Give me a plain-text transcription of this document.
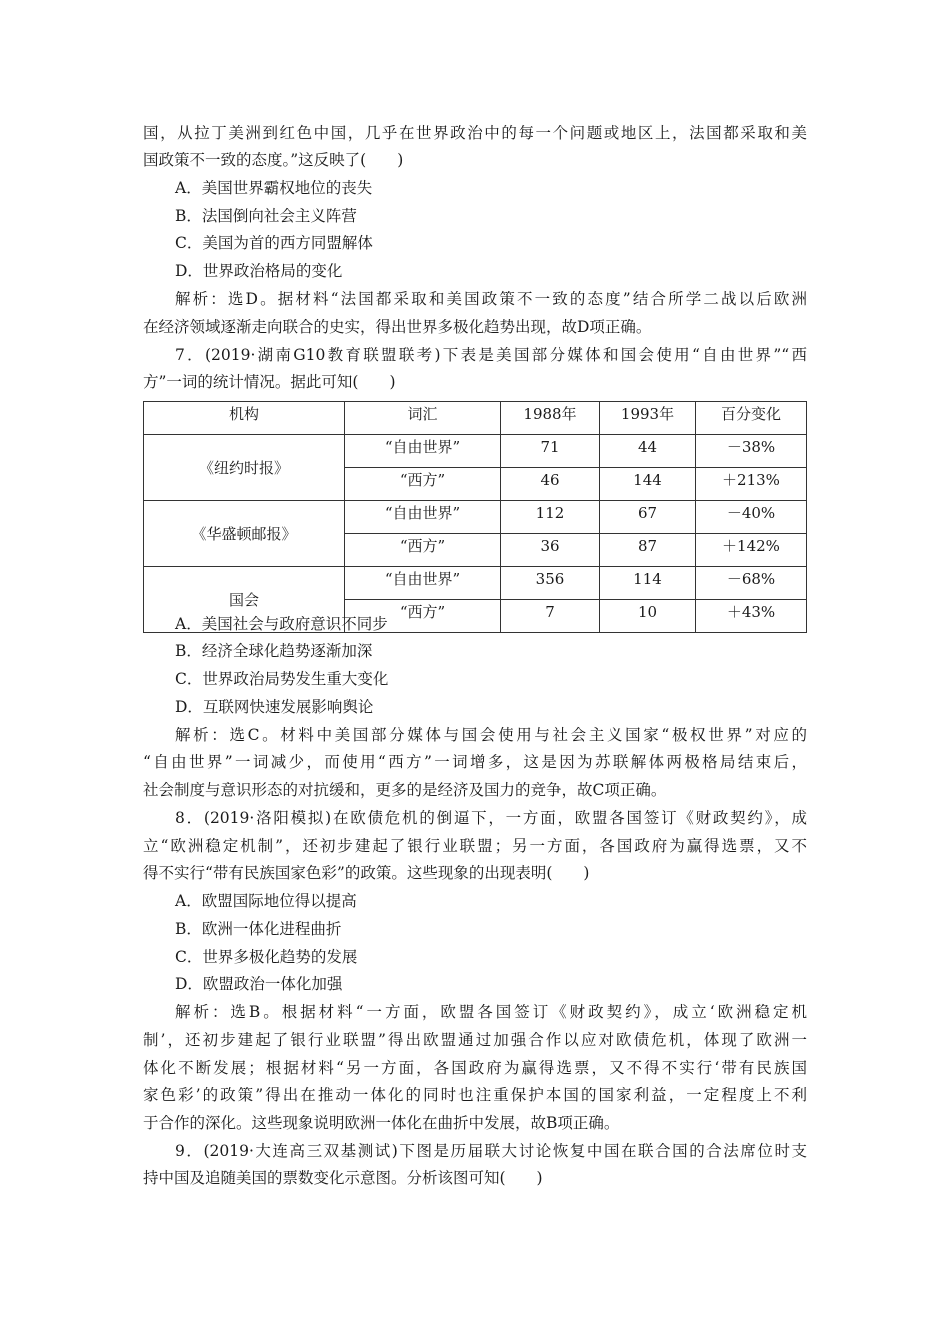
国，从拉丁美洲到红色中国，几乎在世界政治中的每一个问题或地区上，法国都采取和美
国政策不一致的态度。”这反映了(　　)
A．美国世界霸权地位的丧失
B．法国倒向社会主义阵营
C．美国为首的西方同盟解体
D．世界政治格局的变化
解析：选D。据材料“法国都采取和美国政策不一致的态度”结合所学二战以后欧洲
在经济领域逐渐走向联合的史实，得出世界多极化趋势出现，故D项正确。
7．(2019·湖南G10教育联盟联考)下表是美国部分媒体和国会使用“自由世界”“西
方”一词的统计情况。据此可知(　　)
机构	词汇	1988年	1993年	百分变化
《纽约时报》	“自由世界”	71	44	－38%
	“西方”	46	144	＋213%
《华盛顿邮报》	“自由世界”	112	67	－40%
	“西方”	36	87	＋142%
国会	“自由世界”	356	114	－68%
	“西方”	7	10	＋43%
A．美国社会与政府意识不同步
B．经济全球化趋势逐渐加深
C．世界政治局势发生重大变化
D．互联网快速发展影响舆论
解析：选C。材料中美国部分媒体与国会使用与社会主义国家“极权世界”对应的
“自由世界”一词减少，而使用“西方”一词增多，这是因为苏联解体两极格局结束后，
社会制度与意识形态的对抗缓和，更多的是经济及国力的竞争，故C项正确。
8．(2019·洛阳模拟)在欧债危机的倒逼下，一方面，欧盟各国签订《财政契约》，成
立“欧洲稳定机制”，还初步建起了银行业联盟；另一方面，各国政府为赢得选票，又不
得不实行“带有民族国家色彩”的政策。这些现象的出现表明(　　)
A．欧盟国际地位得以提高
B．欧洲一体化进程曲折
C．世界多极化趋势的发展
D．欧盟政治一体化加强
解析：选B。根据材料“一方面，欧盟各国签订《财政契约》，成立‘欧洲稳定机
制’，还初步建起了银行业联盟”得出欧盟通过加强合作以应对欧债危机，体现了欧洲一
体化不断发展；根据材料“另一方面，各国政府为赢得选票，又不得不实行‘带有民族国
家色彩’的政策”得出在推动一体化的同时也注重保护本国的国家利益，一定程度上不利
于合作的深化。这些现象说明欧洲一体化在曲折中发展，故B项正确。
9．(2019·大连高三双基测试)下图是历届联大讨论恢复中国在联合国的合法席位时支
持中国及追随美国的票数变化示意图。分析该图可知(　　)
